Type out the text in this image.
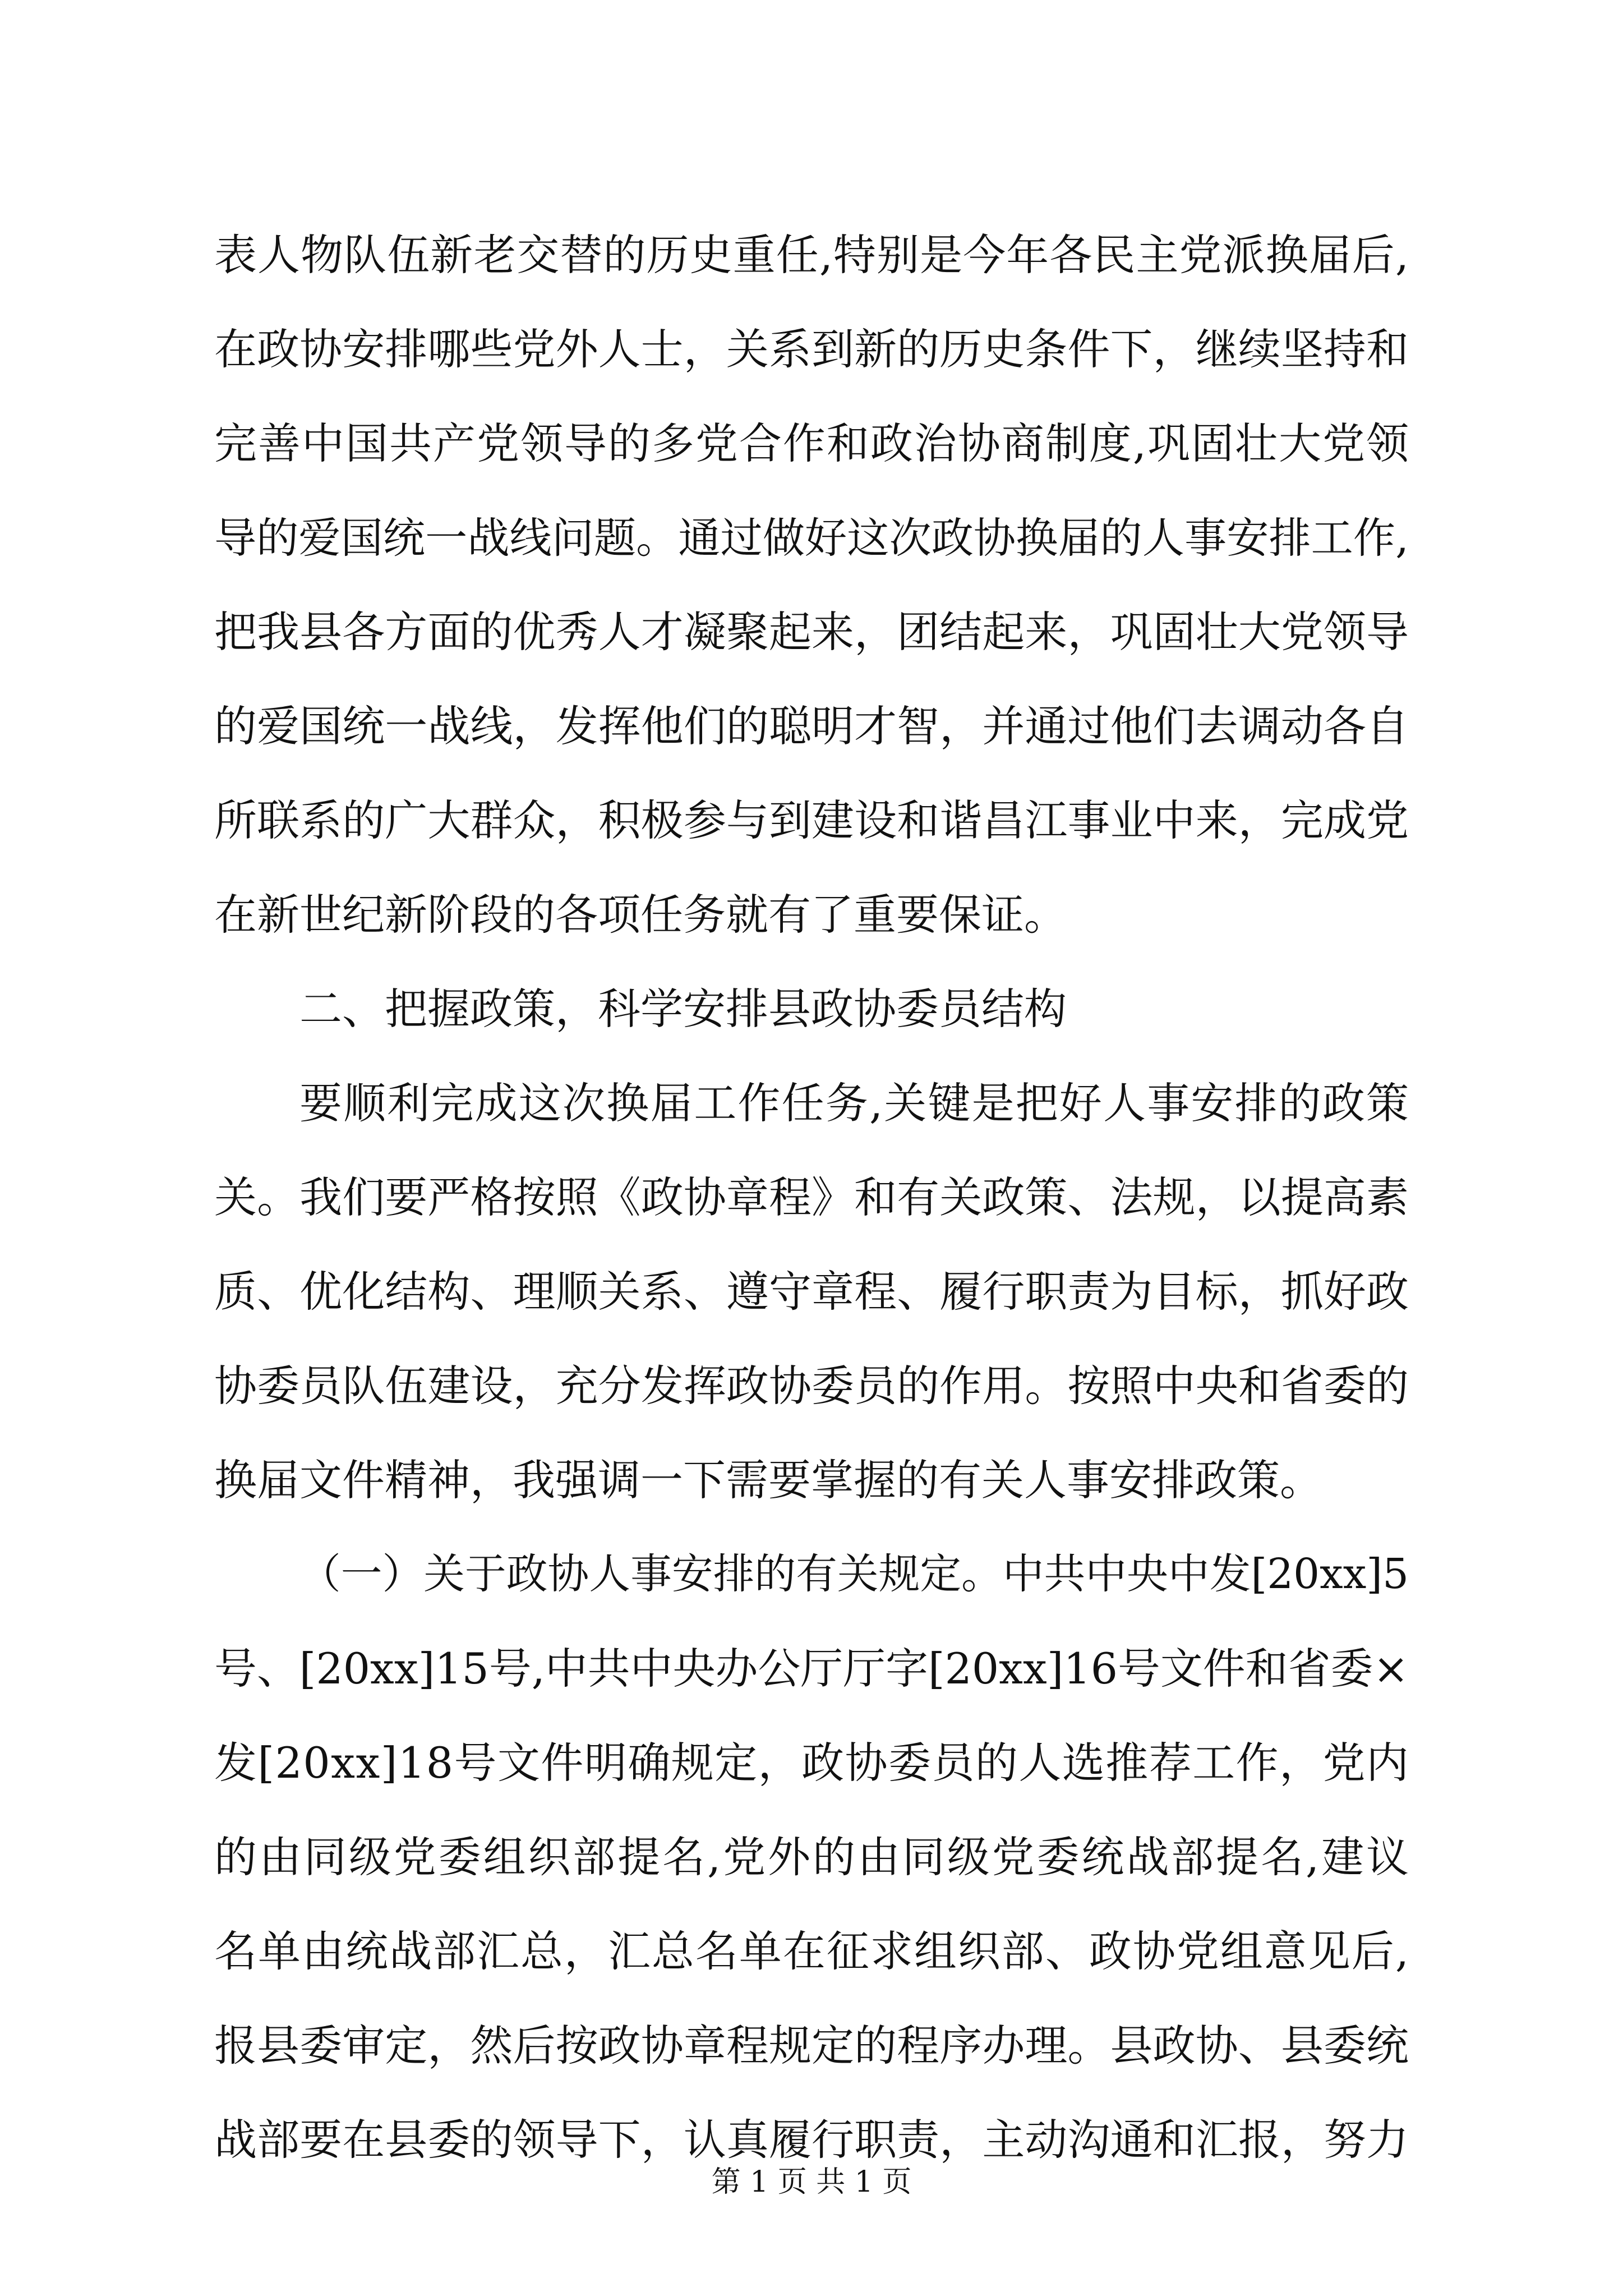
表人物队伍新老交替的历史重任,特别是今年各民主党派换届后,
在政协安排哪些党外人士，关系到新的历史条件下，继续坚持和
完善中国共产党领导的多党合作和政治协商制度,巩固壮大党领
导的爱国统一战线问题。通过做好这次政协换届的人事安排工作,
把我县各方面的优秀人才凝聚起来，团结起来，巩固壮大党领导
的爱国统一战线，发挥他们的聪明才智，并通过他们去调动各自
所联系的广大群众，积极参与到建设和谐昌江事业中来，完成党
在新世纪新阶段的各项任务就有了重要保证。
二、把握政策，科学安排县政协委员结构
要顺利完成这次换届工作任务,关键是把好人事安排的政策
关。我们要严格按照《政协章程》和有关政策、法规，以提高素
质、优化结构、理顺关系、遵守章程、履行职责为目标，抓好政
协委员队伍建设，充分发挥政协委员的作用。按照中央和省委的
换届文件精神，我强调一下需要掌握的有关人事安排政策。
（一）关于政协人事安排的有关规定。中共中央中发[20xx]5
号、[20xx]15号,中共中央办公厅厅字[20xx]16号文件和省委×
发[20xx]18号文件明确规定，政协委员的人选推荐工作，党内
的由同级党委组织部提名,党外的由同级党委统战部提名,建议
名单由统战部汇总，汇总名单在征求组织部、政协党组意见后,
报县委审定，然后按政协章程规定的程序办理。县政协、县委统
战部要在县委的领导下，认真履行职责，主动沟通和汇报，努力
第 1 页 共 1 页
